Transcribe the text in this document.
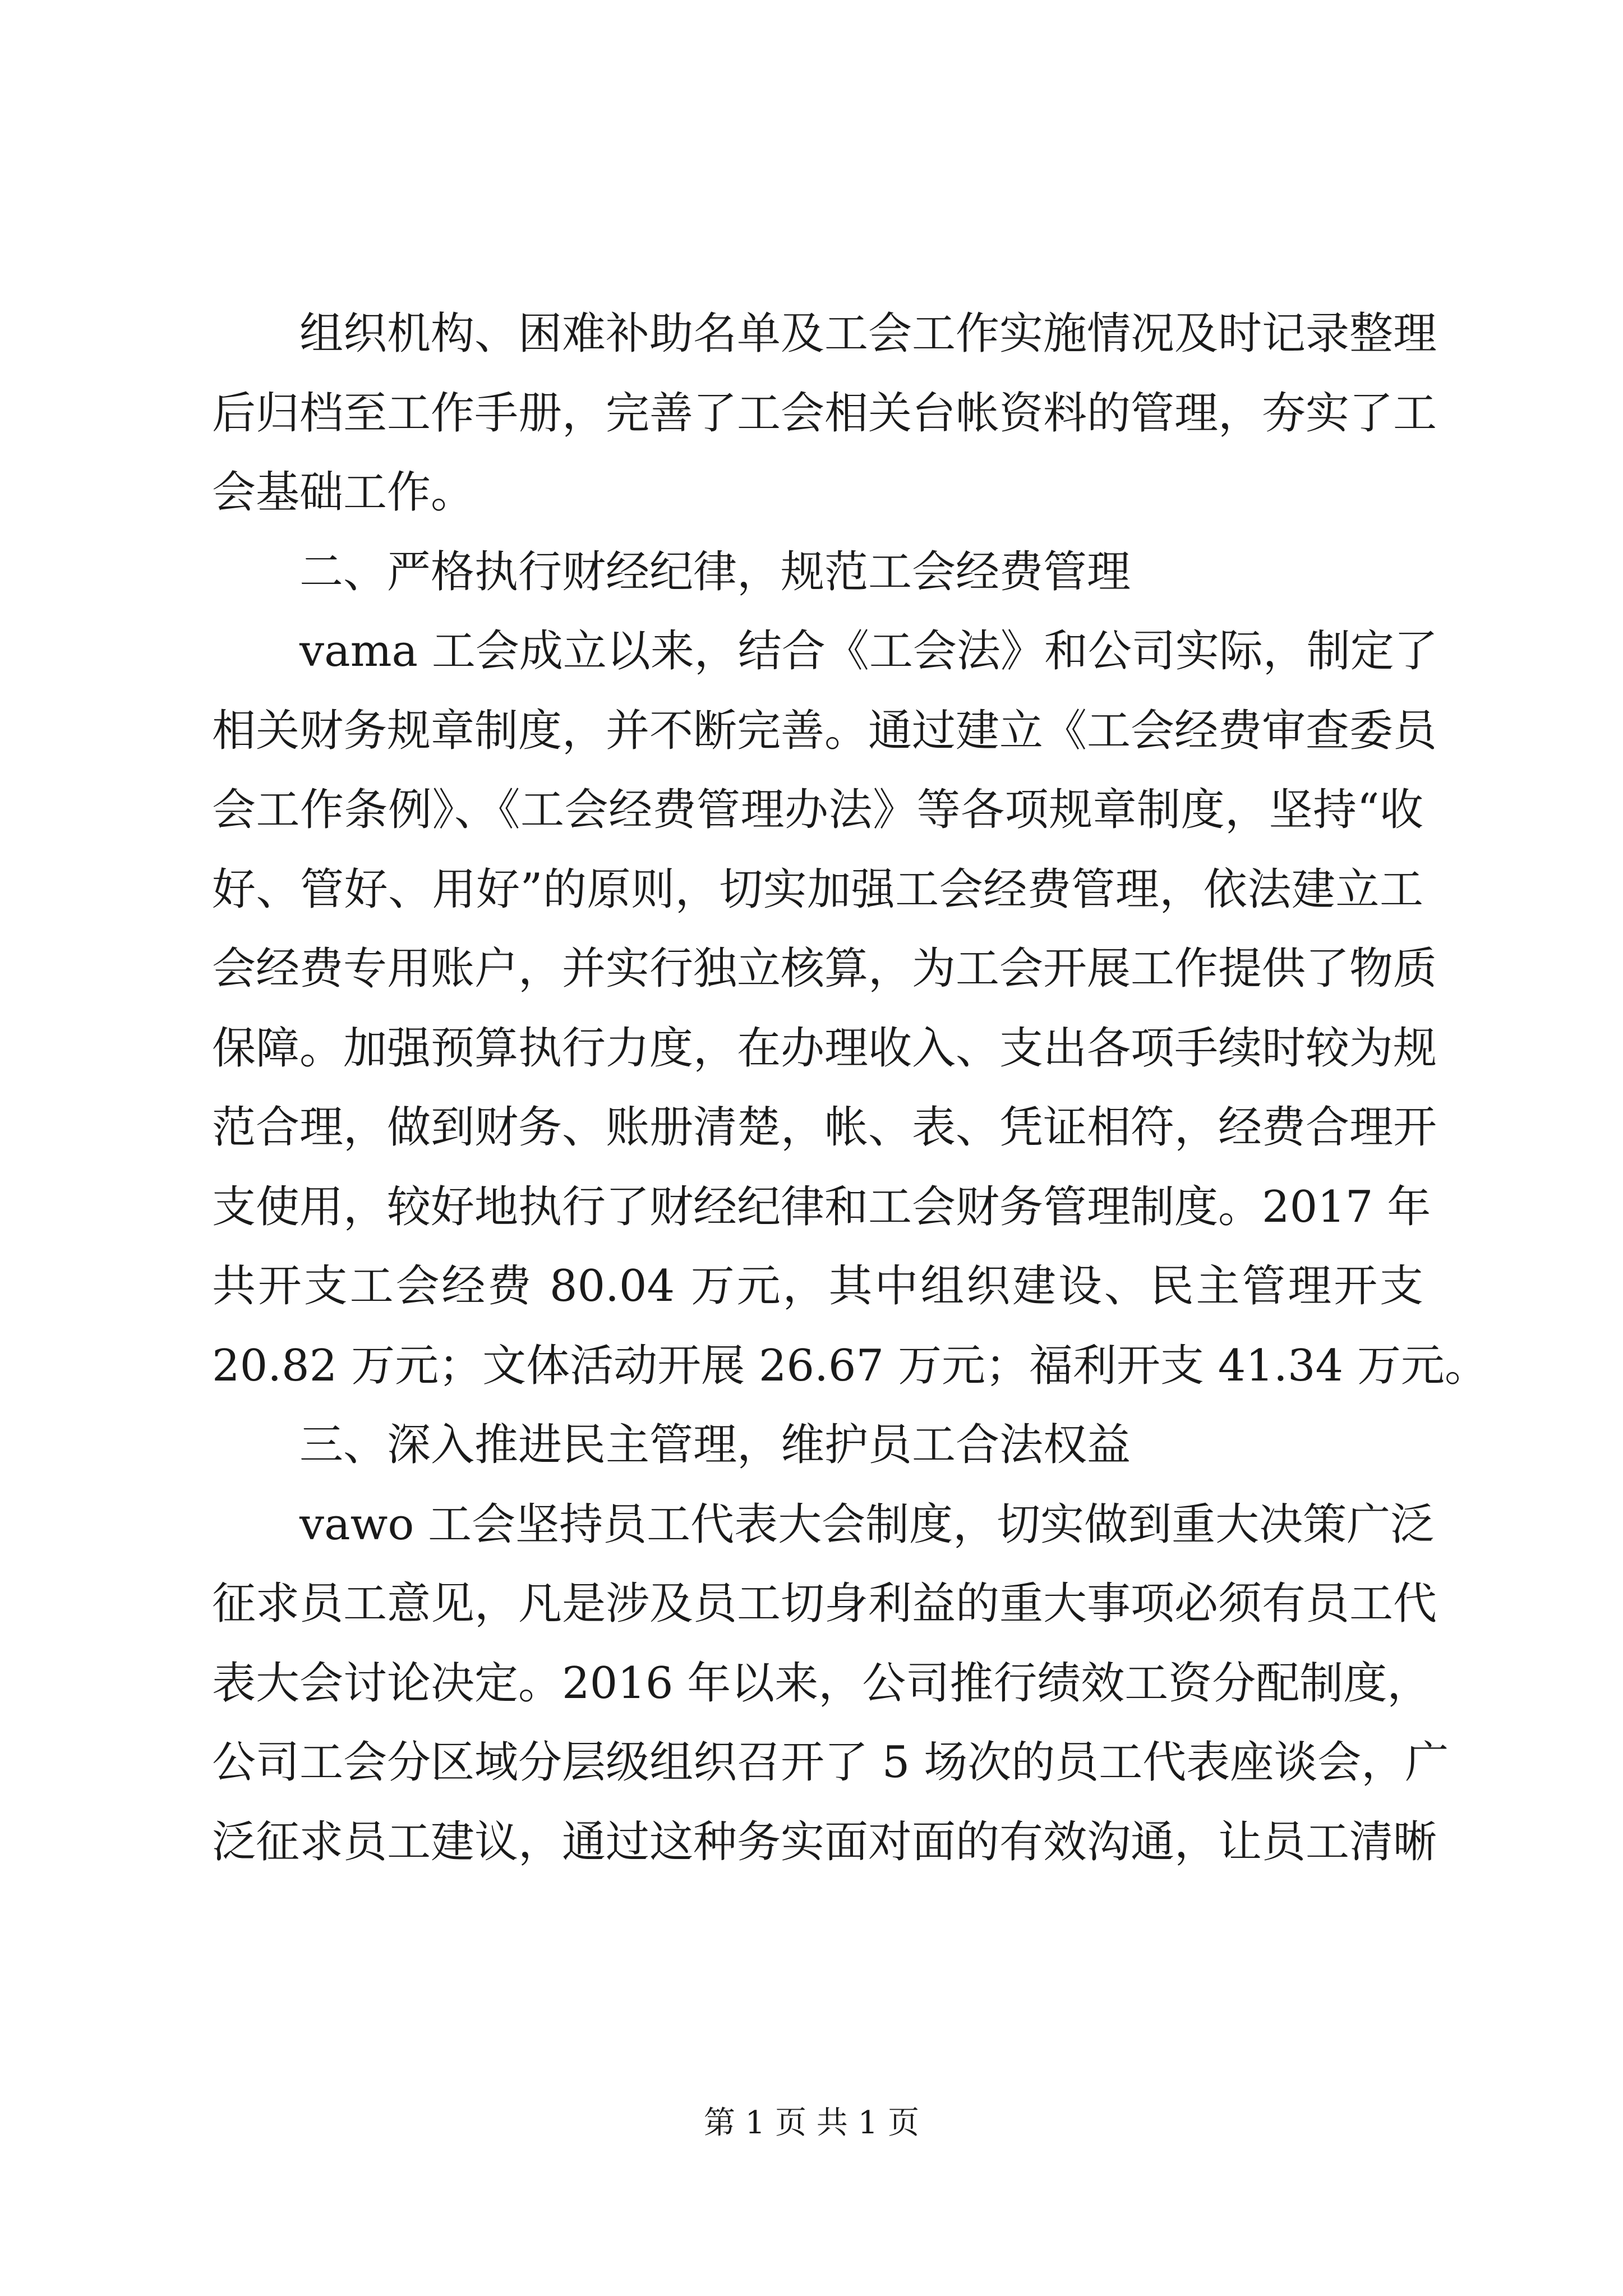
组织机构、困难补助名单及工会工作实施情况及时记录整理
后归档至工作手册，完善了工会相关台帐资料的管理，夯实了工
会基础工作。
二、严格执行财经纪律，规范工会经费管理
vama 工会成立以来，结合《工会法》和公司实际，制定了
相关财务规章制度，并不断完善。通过建立《工会经费审查委员
会工作条例》、《工会经费管理办法》等各项规章制度，坚持“收
好、管好、用好”的原则，切实加强工会经费管理，依法建立工
会经费专用账户，并实行独立核算，为工会开展工作提供了物质
保障。加强预算执行力度，在办理收入、支出各项手续时较为规
范合理，做到财务、账册清楚，帐、表、凭证相符，经费合理开
支使用，较好地执行了财经纪律和工会财务管理制度。2017 年
共开支工会经费 80.04 万元，其中组织建设、民主管理开支
20.82 万元；文体活动开展 26.67 万元；福利开支 41.34 万元。
三、深入推进民主管理，维护员工合法权益
vawo 工会坚持员工代表大会制度，切实做到重大决策广泛
征求员工意见，凡是涉及员工切身利益的重大事项必须有员工代
表大会讨论决定。2016 年以来，公司推行绩效工资分配制度，
公司工会分区域分层级组织召开了 5 场次的员工代表座谈会，广
泛征求员工建议，通过这种务实面对面的有效沟通，让员工清晰
第 1 页 共 1 页
